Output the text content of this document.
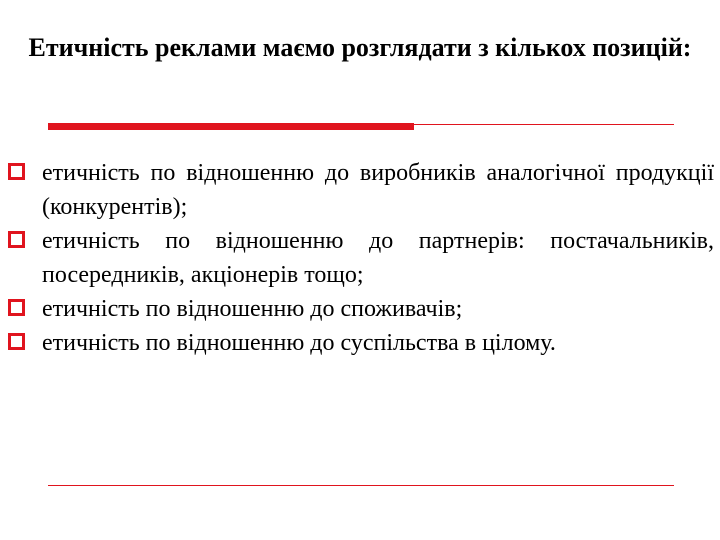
Етичність реклами маємо розглядати з кількох позицій:
етичність по відношенню до виробників аналогічної продукції (конкурентів);
етичність по відношенню до партнерів: постачальників, посередників, акціонерів тощо;
етичність по відношенню до споживачів;
етичність по відношенню до суспільства в цілому.
